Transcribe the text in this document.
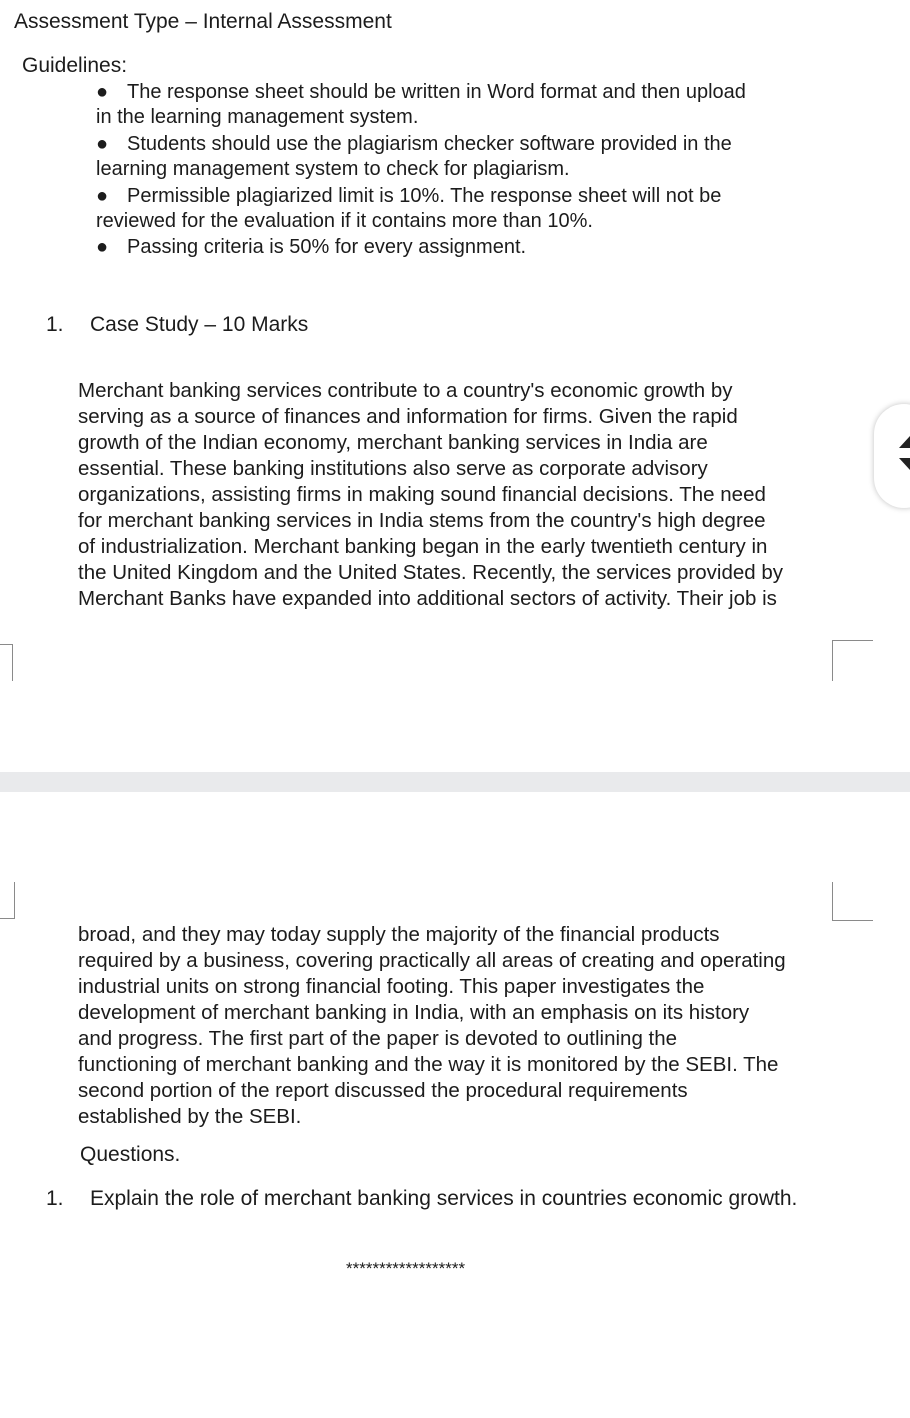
Assessment Type – Internal Assessment
Guidelines:
● The response sheet should be written in Word format and then upload
in the learning management system.
● Students should use the plagiarism checker software provided in the
learning management system to check for plagiarism.
● Permissible plagiarized limit is 10%. The response sheet will not be
reviewed for the evaluation if it contains more than 10%.
● Passing criteria is 50% for every assignment.
1. Case Study – 10 Marks
Merchant banking services contribute to a country's economic growth by
serving as a source of finances and information for firms. Given the rapid
growth of the Indian economy, merchant banking services in India are
essential. These banking institutions also serve as corporate advisory
organizations, assisting firms in making sound financial decisions. The need
for merchant banking services in India stems from the country's high degree
of industrialization. Merchant banking began in the early twentieth century in
the United Kingdom and the United States. Recently, the services provided by
Merchant Banks have expanded into additional sectors of activity. Their job is
broad, and they may today supply the majority of the financial products
required by a business, covering practically all areas of creating and operating
industrial units on strong financial footing. This paper investigates the
development of merchant banking in India, with an emphasis on its history
and progress. The first part of the paper is devoted to outlining the
functioning of merchant banking and the way it is monitored by the SEBI. The
second portion of the report discussed the procedural requirements
established by the SEBI.
Questions.
1. Explain the role of merchant banking services in countries economic growth.
******************
